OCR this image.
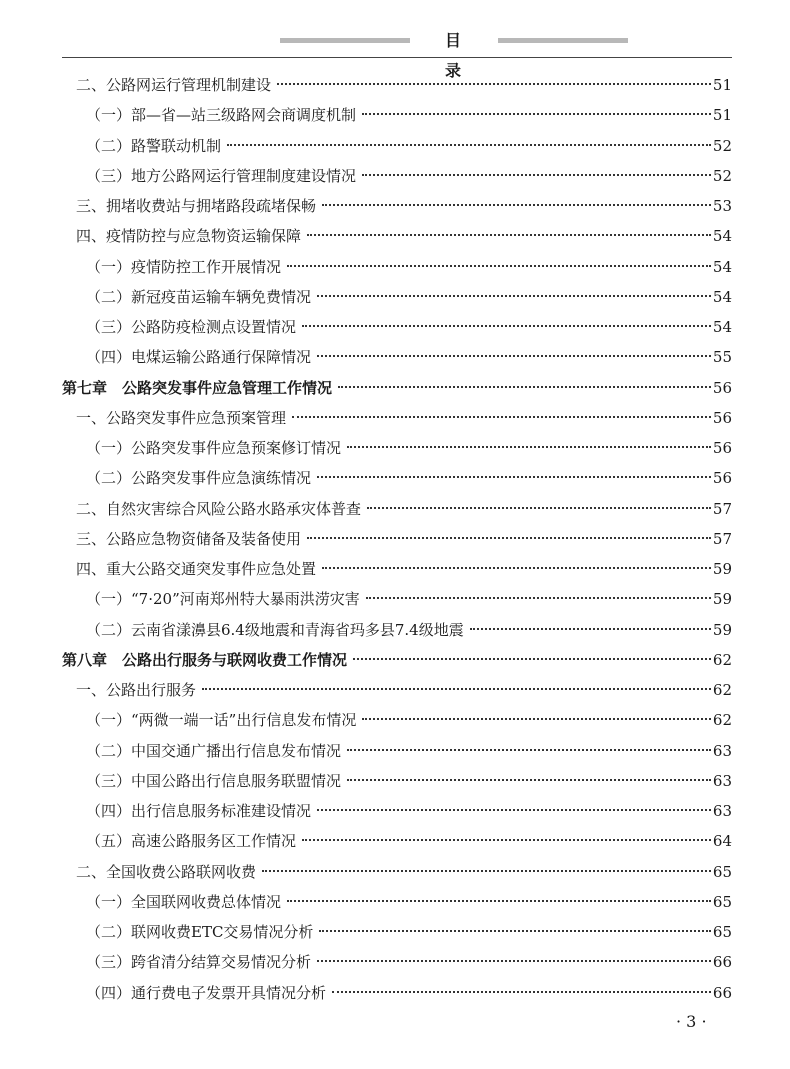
目 录
二、公路网运行管理机制建设	51
（一）部—省—站三级路网会商调度机制	51
（二）路警联动机制	52
（三）地方公路网运行管理制度建设情况	52
三、拥堵收费站与拥堵路段疏堵保畅	53
四、疫情防控与应急物资运输保障	54
（一）疫情防控工作开展情况	54
（二）新冠疫苗运输车辆免费情况	54
（三）公路防疫检测点设置情况	54
（四）电煤运输公路通行保障情况	55
第七章　公路突发事件应急管理工作情况	56
一、公路突发事件应急预案管理	56
（一）公路突发事件应急预案修订情况	56
（二）公路突发事件应急演练情况	56
二、自然灾害综合风险公路水路承灾体普查	57
三、公路应急物资储备及装备使用	57
四、重大公路交通突发事件应急处置	59
（一）“7·20”河南郑州特大暴雨洪涝灾害	59
（二）云南省漾濞县6.4级地震和青海省玛多县7.4级地震	59
第八章　公路出行服务与联网收费工作情况	62
一、公路出行服务	62
（一）“两微一端一话”出行信息发布情况	62
（二）中国交通广播出行信息发布情况	63
（三）中国公路出行信息服务联盟情况	63
（四）出行信息服务标准建设情况	63
（五）高速公路服务区工作情况	64
二、全国收费公路联网收费	65
（一）全国联网收费总体情况	65
（二）联网收费ETC交易情况分析	65
（三）跨省清分结算交易情况分析	66
（四）通行费电子发票开具情况分析	66
· 3 ·
